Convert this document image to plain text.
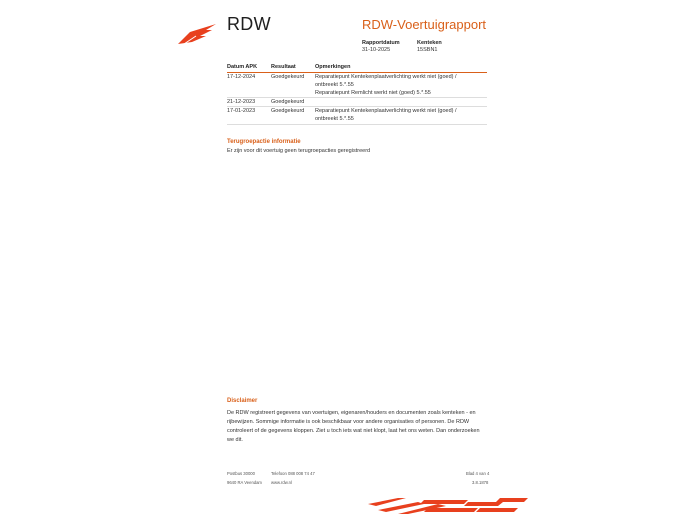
RDW	RDW-Voertuigrapport
Rapportdatum
31-10-2025
Kenteken
15SBN1
Datum APK	Resultaat	Opmerkingen
17-12-2024	Goedgekeurd Reparatiepunt Kentekenplaatverlichting werkt niet (goed) /
ontbreekt 5.*.55
Reparatiepunt Remlicht werkt niet (goed) 5.*.55
21-12-2023	Goedgekeurd
17-01-2023	Goedgekeurd Reparatiepunt Kentekenplaatverlichting werkt niet (goed) /
ontbreekt 5.*.55
Terugroepactie informatie
Er zijn voor dit voertuig geen terugroepacties geregistreerd
Disclaimer
De RDW registreert gegevens van voertuigen, eigenaren/houders en documenten zoals kenteken - en
rijbewijzen. Sommige informatie is ook beschikbaar voor andere organisaties of personen. De RDW
controleert of de gegevens kloppen. Ziet u toch iets wat niet klopt, laat het ons weten. Dan onderzoeken
we dit.
Postbus 30000
9640 RA Veendam
Telefoon 088 008 74 47
www.rdw.nl
Blad 4 van 4
3.8.1878
